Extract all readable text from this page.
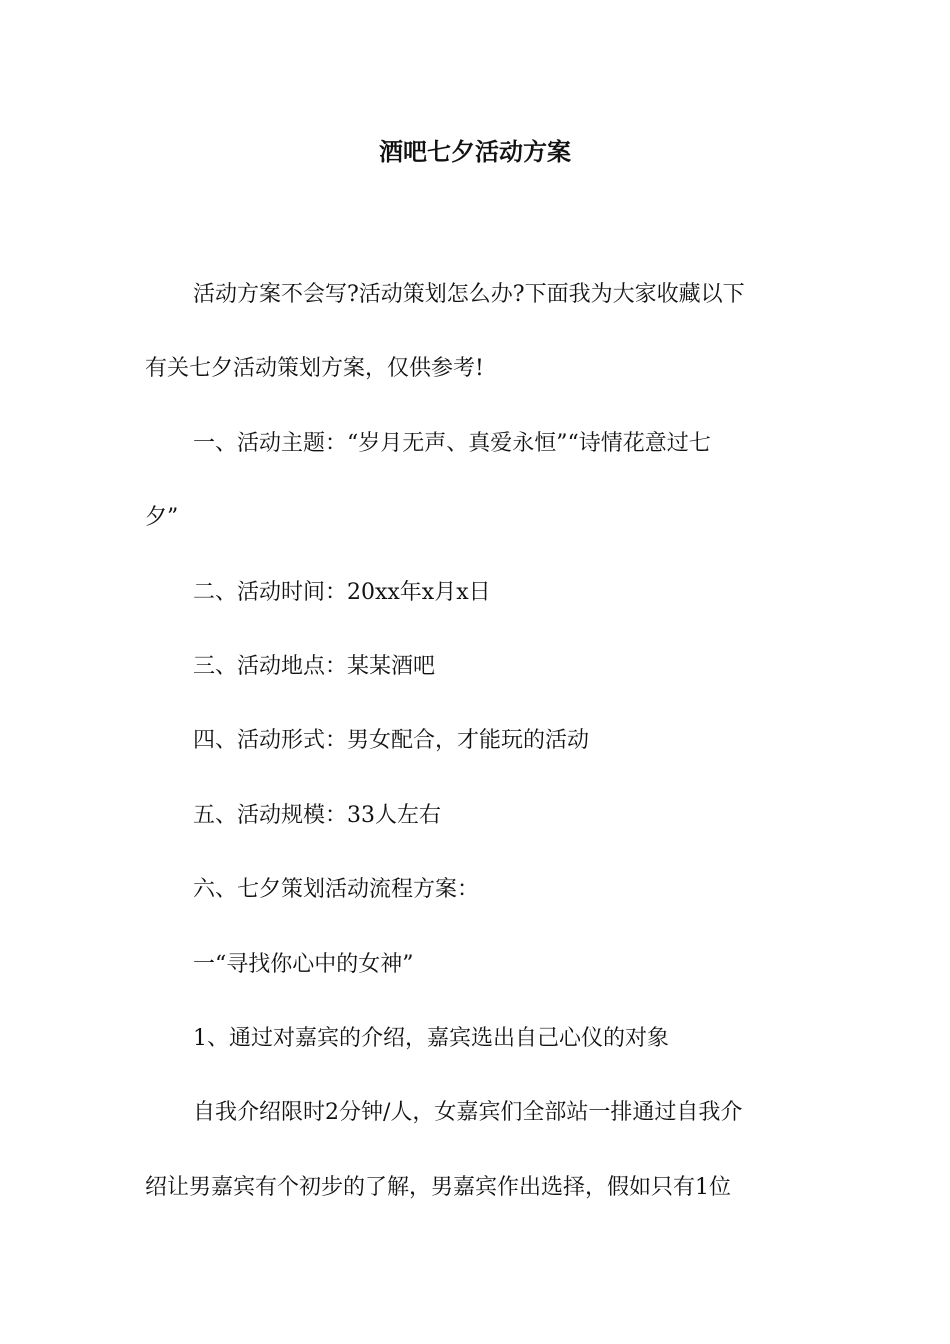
酒吧七夕活动方案

活动方案不会写?活动策划怎么办?下面我为大家收藏以下

有关七夕活动策划方案，仅供参考!

一、活动主题：“岁月无声、真爱永恒”“诗情花意过七

夕”

二、活动时间：20xx年x月x日

三、活动地点：某某酒吧

四、活动形式：男女配合，才能玩的活动

五、活动规模：33人左右

六、七夕策划活动流程方案：

一“寻找你心中的女神”

1、通过对嘉宾的介绍，嘉宾选出自己心仪的对象

自我介绍限时2分钟/人，女嘉宾们全部站一排通过自我介

绍让男嘉宾有个初步的了解，男嘉宾作出选择，假如只有1位
